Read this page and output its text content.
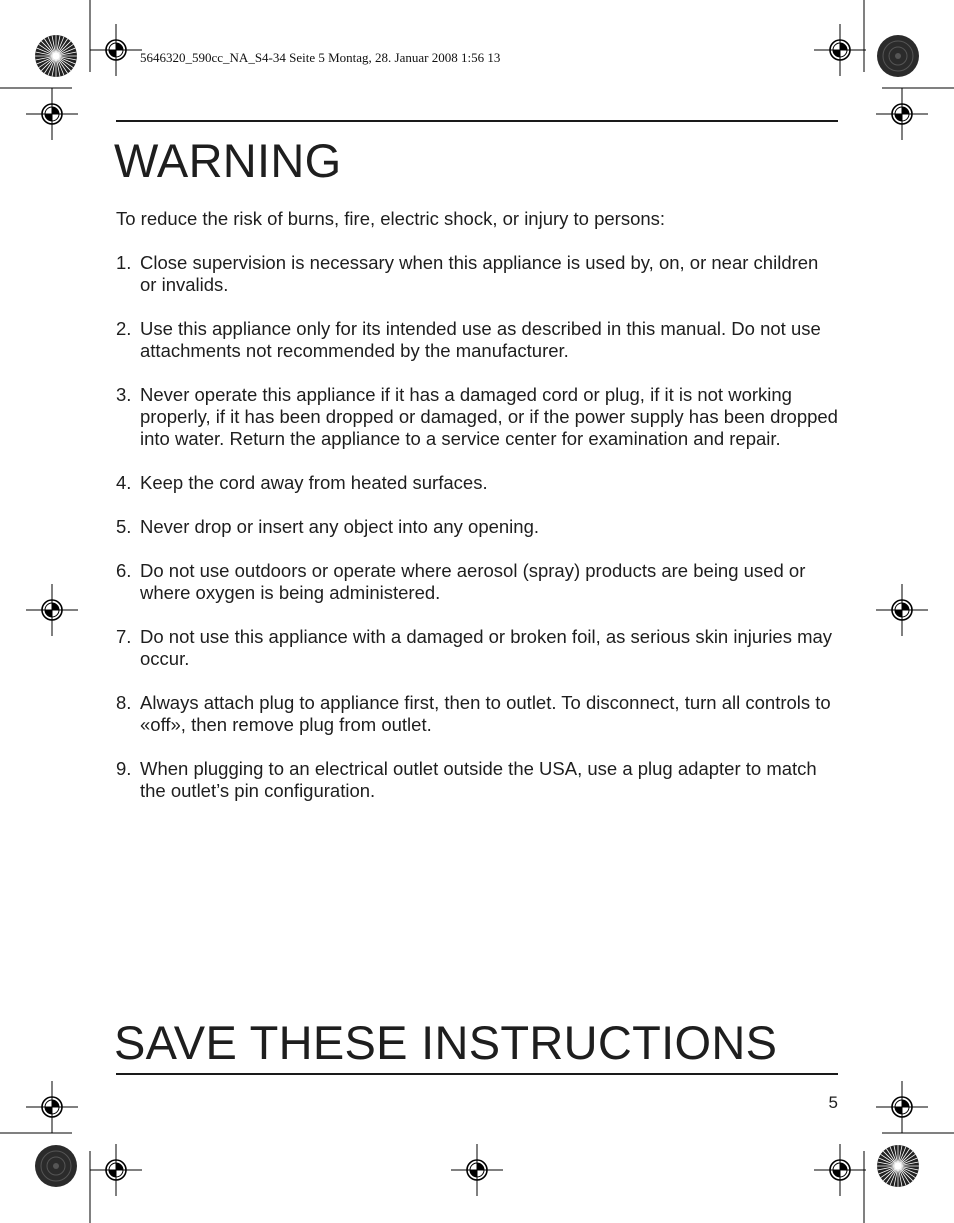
5646320_590cc_NA_S4-34 Seite 5 Montag, 28. Januar 2008 1:56 13
WARNING

To reduce the risk of burns, fire, electric shock, or injury to persons:

1. Close supervision is necessary when this appliance is used by, on, or near children or invalids.
2. Use this appliance only for its intended use as described in this manual. Do not use attachments not recommended by the manufacturer.
3. Never operate this appliance if it has a damaged cord or plug, if it is not working properly, if it has been dropped or damaged, or if the power supply has been dropped into water. Return the appliance to a service center for examination and repair.
4. Keep the cord away from heated surfaces.
5. Never drop or insert any object into any opening.
6. Do not use outdoors or operate where aerosol (spray) products are being used or where oxygen is being administered.
7. Do not use this appliance with a damaged or broken foil, as serious skin injuries may occur.
8. Always attach plug to appliance first, then to outlet. To disconnect, turn all controls to «off», then remove plug from outlet.
9. When plugging to an electrical outlet outside the USA, use a plug adapter to match the outlet’s pin configuration.
SAVE THESE INSTRUCTIONS
5
